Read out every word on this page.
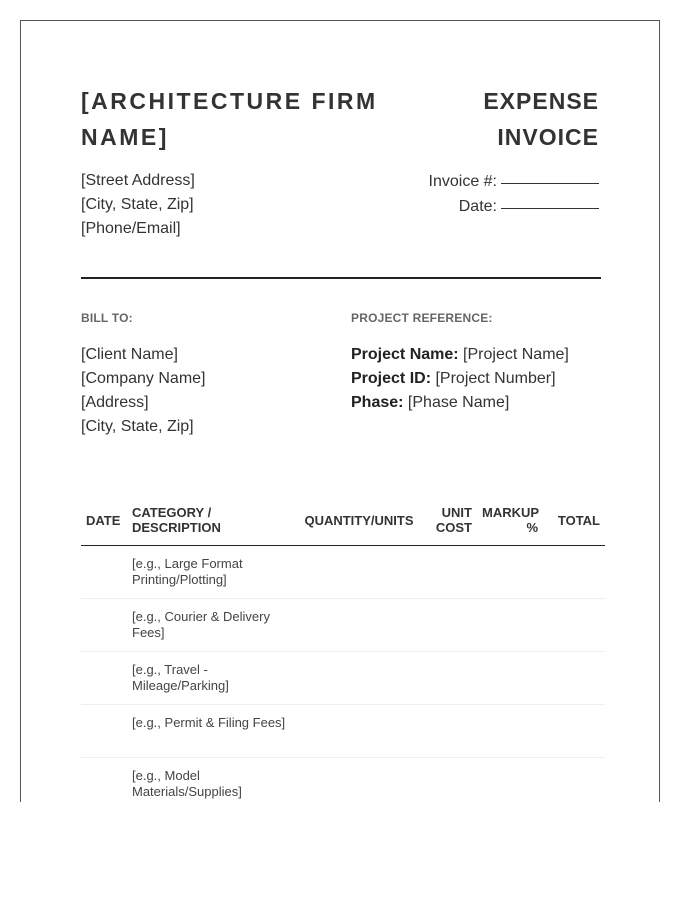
[ARCHITECTURE FIRM NAME]
EXPENSE
INVOICE
[Street Address]
[City, State, Zip]
[Phone/Email]
Invoice #:
Date:
BILL TO:	PROJECT REFERENCE:
[Client Name]
[Company Name]
[Address]
[City, State, Zip]
Project Name: [Project Name]
Project ID: [Project Number]
Phase: [Phase Name]
DATE	CATEGORY / DESCRIPTION	QUANTITY/UNITS	UNIT COST	MARKUP %	TOTAL
	[e.g., Large Format Printing/Plotting]				
	[e.g., Courier & Delivery Fees]				
	[e.g., Travel - Mileage/Parking]				
	[e.g., Permit & Filing Fees]				
	[e.g., Model Materials/Supplies]				
